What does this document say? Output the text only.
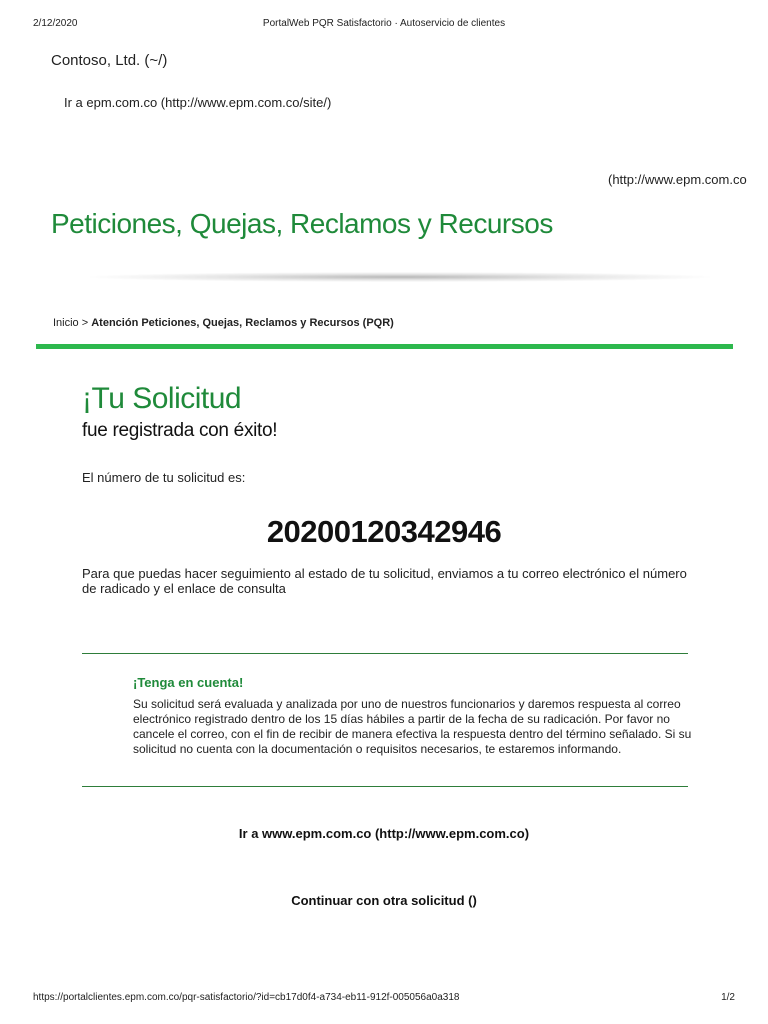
2/12/2020	PortalWeb PQR Satisfactorio · Autoservicio de clientes
Contoso, Ltd. (~/)
Ir a epm.com.co (http://www.epm.com.co/site/)
(http://www.epm.com.co
Peticiones, Quejas, Reclamos y Recursos
Inicio > Atención Peticiones, Quejas, Reclamos y Recursos (PQR)
¡Tu Solicitud
fue registrada con éxito!
El número de tu solicitud es:
20200120342946
Para que puedas hacer seguimiento al estado de tu solicitud, enviamos a tu correo electrónico el número de radicado y el enlace de consulta
¡Tenga en cuenta!
Su solicitud será evaluada y analizada por uno de nuestros funcionarios y daremos respuesta al correo electrónico registrado dentro de los 15 días hábiles a partir de la fecha de su radicación. Por favor no cancele el correo, con el fin de recibir de manera efectiva la respuesta dentro del término señalado. Si su solicitud no cuenta con la documentación o requisitos necesarios, te estaremos informando.
Ir a www.epm.com.co (http://www.epm.com.co)
Continuar con otra solicitud ()
https://portalclientes.epm.com.co/pqr-satisfactorio/?id=cb17d0f4-a734-eb11-912f-005056a0a318	1/2
